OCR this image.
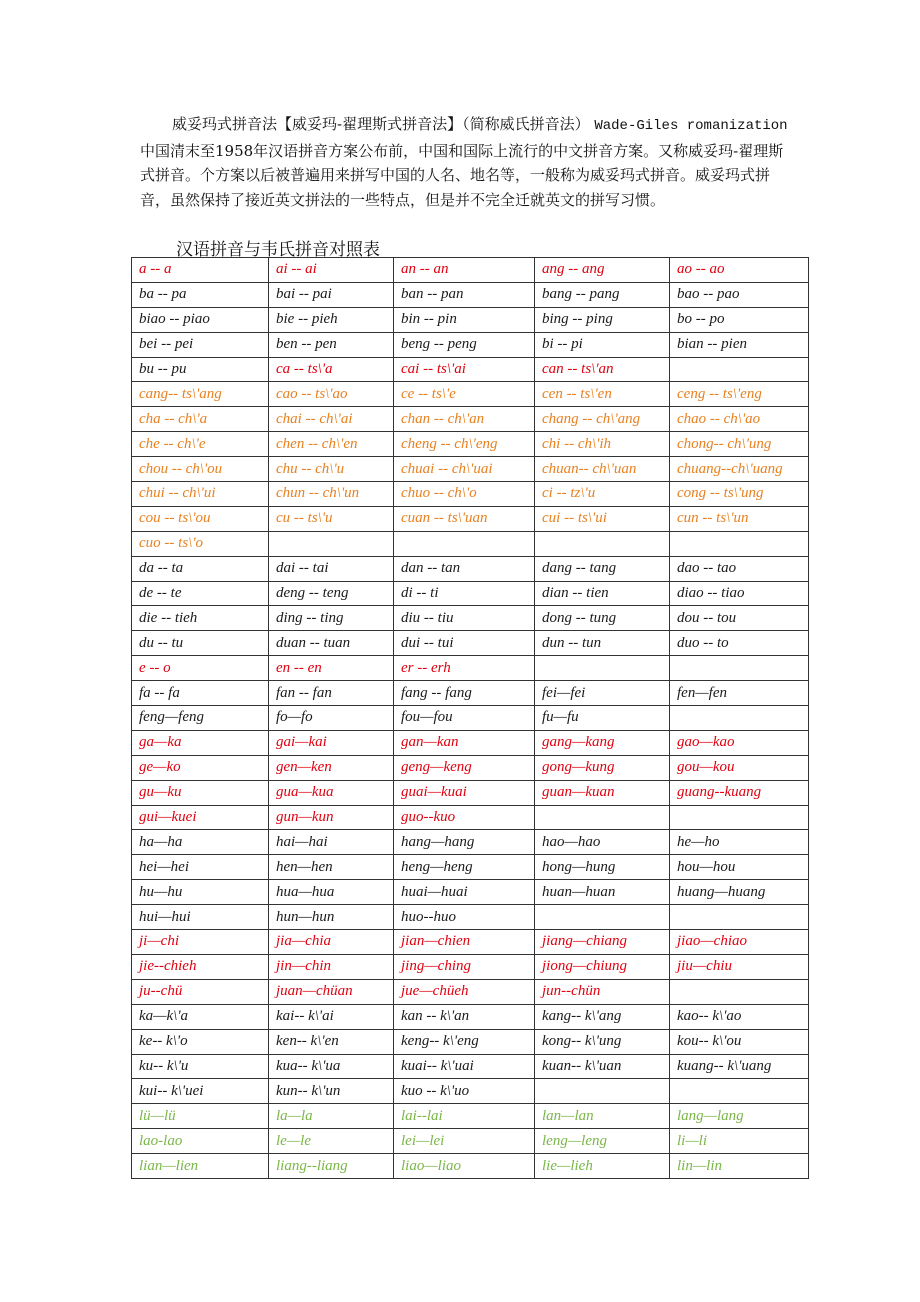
威妥玛式拼音法【威妥玛-翟理斯式拼音法】（简称威氏拼音法） Wade-Giles romanization 中国清末至1958年汉语拼音方案公布前，中国和国际上流行的中文拼音方案。又称威妥玛-翟理斯式拼音。个方案以后被普遍用来拼写中国的人名、地名等，一般称为威妥玛式拼音。威妥玛式拼音，虽然保持了接近英文拼法的一些特点，但是并不完全迁就英文的拼写习惯。

汉语拼音与韦氏拼音对照表

a -- a	ai -- ai	an -- an	ang -- ang	ao -- ao
ba -- pa	bai -- pai	ban -- pan	bang -- pang	bao -- pao
biao -- piao	bie -- pieh	bin -- pin	bing -- ping	bo -- po
bei -- pei	ben -- pen	beng -- peng	bi -- pi	bian -- pien
bu -- pu	ca -- ts\'a	cai -- ts\'ai	can -- ts\'an	
cang-- ts\'ang	cao -- ts\'ao	ce -- ts\'e	cen -- ts\'en	ceng -- ts\'eng
cha -- ch\'a	chai -- ch\'ai	chan -- ch\'an	chang -- ch\'ang	chao -- ch\'ao
che -- ch\'e	chen -- ch\'en	cheng -- ch\'eng	chi -- ch\'ih	chong-- ch\'ung
chou -- ch\'ou	chu -- ch\'u	chuai -- ch\'uai	chuan-- ch\'uan	chuang--ch\'uang
chui -- ch\'ui	chun -- ch\'un	chuo -- ch\'o	ci -- tz\'u	cong -- ts\'ung
cou -- ts\'ou	cu -- ts\'u	cuan -- ts\'uan	cui -- ts\'ui	cun -- ts\'un
cuo -- ts\'o				
da -- ta	dai -- tai	dan -- tan	dang -- tang	dao -- tao
de -- te	deng -- teng	di -- ti	dian -- tien	diao -- tiao
die -- tieh	ding -- ting	diu -- tiu	dong -- tung	dou -- tou
du -- tu	duan -- tuan	dui -- tui	dun -- tun	duo -- to
e -- o	en -- en	er -- erh		
fa -- fa	fan -- fan	fang -- fang	fei—fei	fen—fen
feng—feng	fo—fo	fou—fou	fu—fu	
ga—ka	gai—kai	gan—kan	gang—kang	gao—kao
ge—ko	gen—ken	geng—keng	gong—kung	gou—kou
gu—ku	gua—kua	guai—kuai	guan—kuan	guang--kuang
gui—kuei	gun—kun	guo--kuo		
ha—ha	hai—hai	hang—hang	hao—hao	he—ho
hei—hei	hen—hen	heng—heng	hong—hung	hou—hou
hu—hu	hua—hua	huai—huai	huan—huan	huang—huang
hui—hui	hun—hun	huo--huo		
ji—chi	jia—chia	jian—chien	jiang—chiang	jiao—chiao
jie--chieh	jin—chin	jing—ching	jiong—chiung	jiu—chiu
ju--chü	juan—chüan	jue—chüeh	jun--chün	
ka—k\'a	kai-- k\'ai	kan -- k\'an	kang-- k\'ang	kao-- k\'ao
ke-- k\'o	ken-- k\'en	keng-- k\'eng	kong-- k\'ung	kou-- k\'ou
ku-- k\'u	kua-- k\'ua	kuai-- k\'uai	kuan-- k\'uan	kuang-- k\'uang
kui-- k\'uei	kun-- k\'un	kuo -- k\'uo		
lü—lü	la—la	lai--lai	lan—lan	lang—lang
lao-lao	le—le	lei—lei	leng—leng	li—li
lian—lien	liang--liang	liao—liao	lie—lieh	lin—lin
